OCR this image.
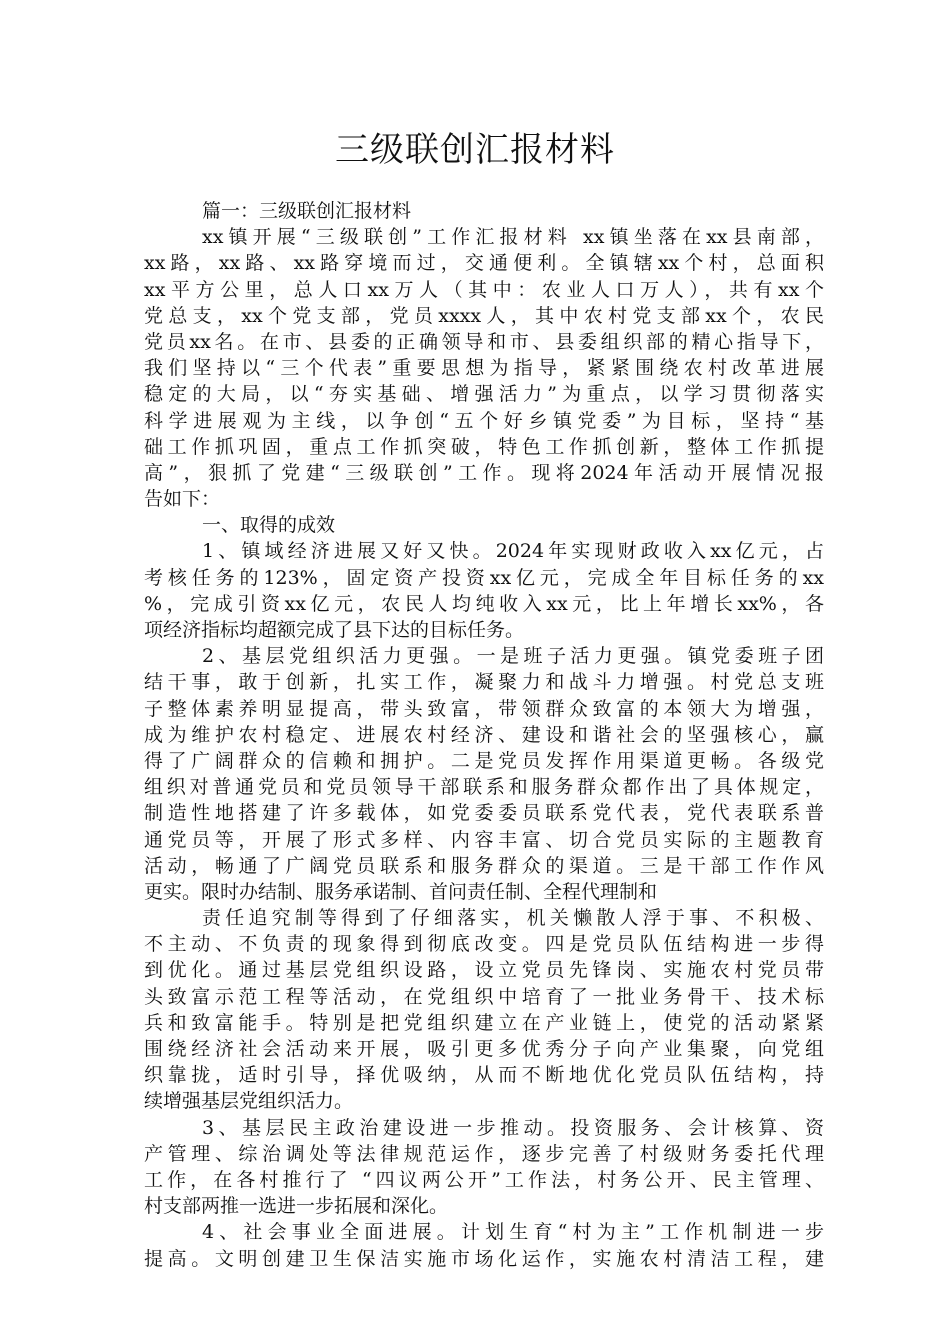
三级联创汇报材料
篇一：三级联创汇报材料
xx镇开展“三级联创”工作汇报材料 xx镇坐落在xx县南部，
xx路，xx路、xx路穿境而过，交通便利。全镇辖xx个村，总面积
xx平方公里，总人口xx万人（其中：农业人口万人），共有xx个
党总支，xx个党支部，党员xxxx人，其中农村党支部xx个，农民
党员xx名。在市、县委的正确领导和市、县委组织部的精心指导下，
我们坚持以“三个代表”重要思想为指导，紧紧围绕农村改革进展
稳定的大局，以“夯实基础、增强活力”为重点，以学习贯彻落实
科学进展观为主线，以争创“五个好乡镇党委”为目标，坚持“基
础工作抓巩固，重点工作抓突破，特色工作抓创新，整体工作抓提
高”，狠抓了党建“三级联创”工作。现将2024年活动开展情况报
告如下：
一、取得的成效
1、镇域经济进展又好又快。2024年实现财政收入xx亿元，占
考核任务的123%，固定资产投资xx亿元，完成全年目标任务的xx
%，完成引资xx亿元，农民人均纯收入xx元，比上年增长xx%，各
项经济指标均超额完成了县下达的目标任务。
2、基层党组织活力更强。一是班子活力更强。镇党委班子团
结干事，敢于创新，扎实工作，凝聚力和战斗力增强。村党总支班
子整体素养明显提高，带头致富，带领群众致富的本领大为增强，
成为维护农村稳定、进展农村经济、建设和谐社会的坚强核心，赢
得了广阔群众的信赖和拥护。二是党员发挥作用渠道更畅。各级党
组织对普通党员和党员领导干部联系和服务群众都作出了具体规定，
制造性地搭建了许多载体，如党委委员联系党代表，党代表联系普
通党员等，开展了形式多样、内容丰富、切合党员实际的主题教育
活动，畅通了广阔党员联系和服务群众的渠道。三是干部工作作风
更实。限时办结制、服务承诺制、首问责任制、全程代理制和
责任追究制等得到了仔细落实，机关懒散人浮于事、不积极、
不主动、不负责的现象得到彻底改变。四是党员队伍结构进一步得
到优化。通过基层党组织设路，设立党员先锋岗、实施农村党员带
头致富示范工程等活动，在党组织中培育了一批业务骨干、技术标
兵和致富能手。特别是把党组织建立在产业链上，使党的活动紧紧
围绕经济社会活动来开展，吸引更多优秀分子向产业集聚，向党组
织靠拢，适时引导，择优吸纳，从而不断地优化党员队伍结构，持
续增强基层党组织活力。
3、基层民主政治建设进一步推动。投资服务、会计核算、资
产管理、综治调处等法律规范运作，逐步完善了村级财务委托代理
工作，在各村推行了 “四议两公开”工作法，村务公开、民主管理、
村支部两推一选进一步拓展和深化。
4、社会事业全面进展。计划生育“村为主”工作机制进一步
提高。文明创建卫生保洁实施市场化运作，实施农村清洁工程，建
